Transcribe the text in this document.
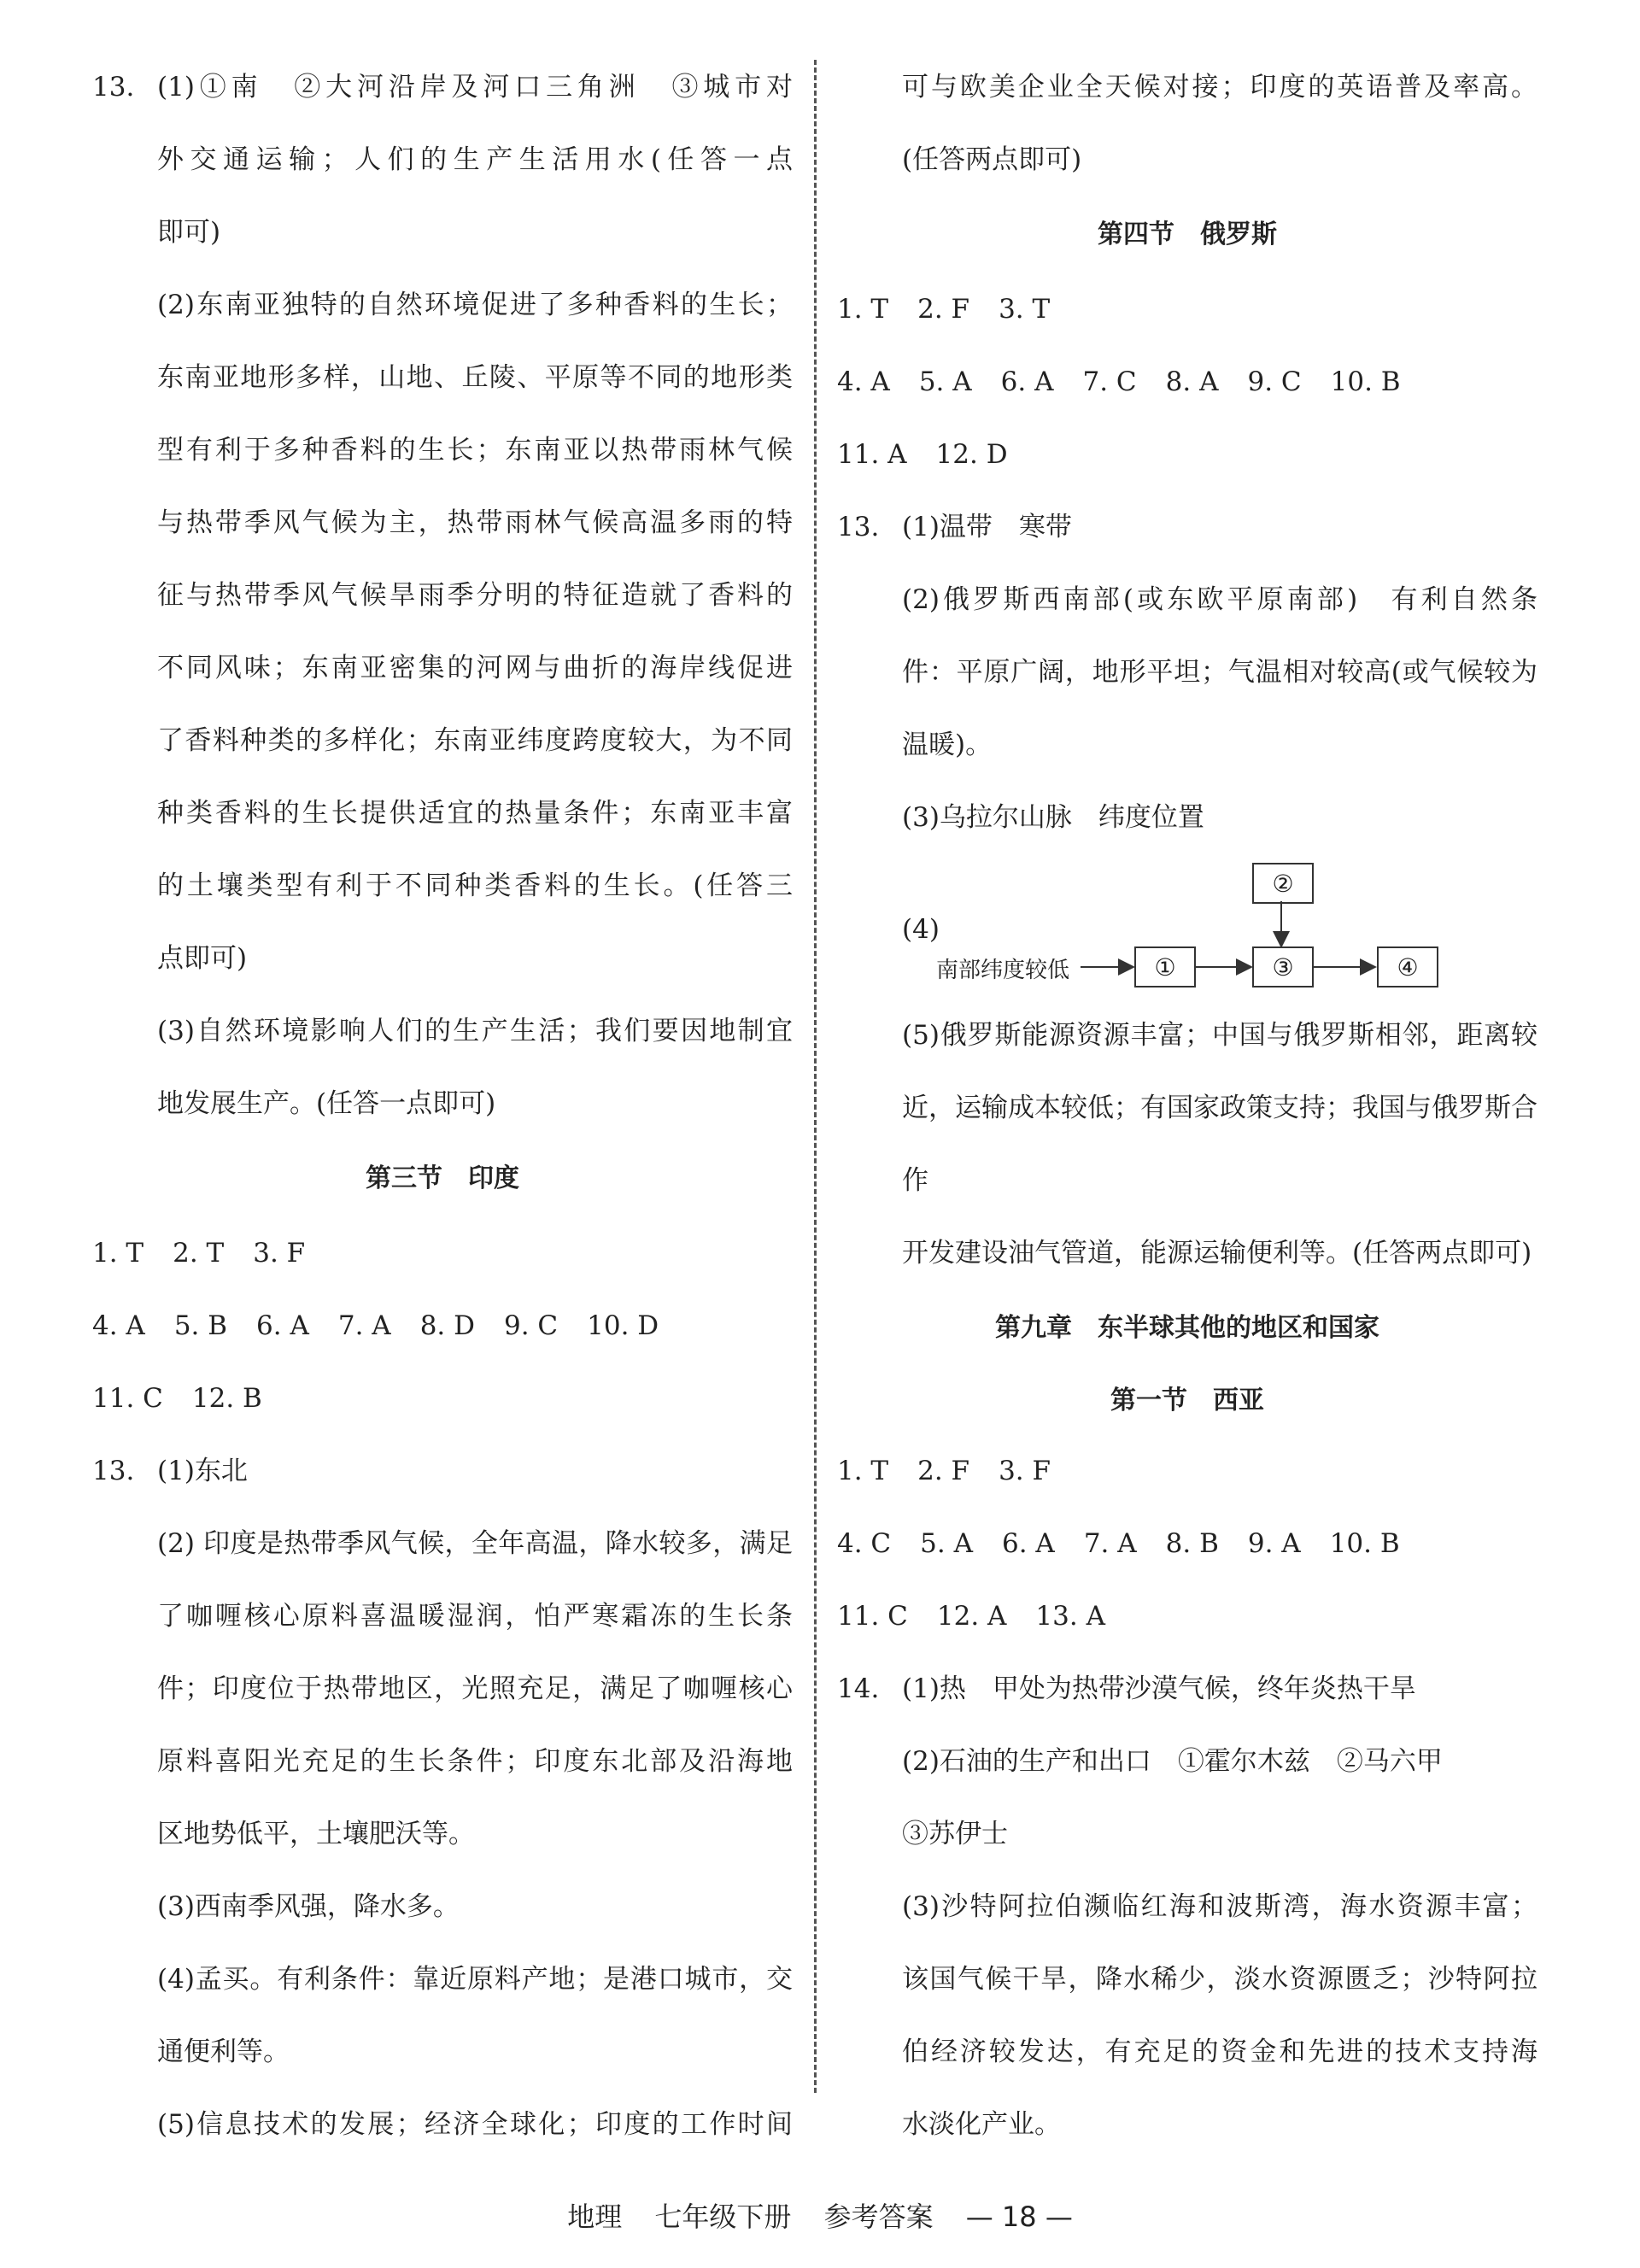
13. (1)①南　②大河沿岸及河口三角洲　③城市对
外交通运输；人们的生产生活用水(任答一点
即可)
(2)东南亚独特的自然环境促进了多种香料的生长；
东南亚地形多样，山地、丘陵、平原等不同的地形类
型有利于多种香料的生长；东南亚以热带雨林气候
与热带季风气候为主，热带雨林气候高温多雨的特
征与热带季风气候旱雨季分明的特征造就了香料的
不同风味；东南亚密集的河网与曲折的海岸线促进
了香料种类的多样化；东南亚纬度跨度较大，为不同
种类香料的生长提供适宜的热量条件；东南亚丰富
的土壤类型有利于不同种类香料的生长。(任答三
点即可)
(3)自然环境影响人们的生产生活；我们要因地制宜
地发展生产。(任答一点即可)
第三节　印度
1. T 2. T 3. F
4. A 5. B 6. A 7. A 8. D 9. C 10. D
11. C 12. B
13. (1)东北
(2) 印度是热带季风气候，全年高温，降水较多，满足
了咖喱核心原料喜温暖湿润，怕严寒霜冻的生长条
件；印度位于热带地区，光照充足，满足了咖喱核心
原料喜阳光充足的生长条件；印度东北部及沿海地
区地势低平，土壤肥沃等。
(3)西南季风强，降水多。
(4)孟买。有利条件：靠近原料产地；是港口城市，交
通便利等。
(5)信息技术的发展；经济全球化；印度的工作时间
可与欧美企业全天候对接；印度的英语普及率高。
(任答两点即可)
第四节　俄罗斯
1. T 2. F 3. T
4. A 5. A 6. A 7. C 8. A 9. C 10. B
11. A 12. D
13. (1)温带　寒带
(2)俄罗斯西南部(或东欧平原南部)　有利自然条
件：平原广阔，地形平坦；气温相对较高(或气候较为
温暖)。
(3)乌拉尔山脉　纬度位置
(4)
南部纬度较低	①
②
③	④
(5)俄罗斯能源资源丰富；中国与俄罗斯相邻，距离较
近，运输成本较低；有国家政策支持；我国与俄罗斯合作
开发建设油气管道，能源运输便利等。(任答两点即可)
第九章　东半球其他的地区和国家
第一节　西亚
1. T 2. F 3. F
4. C 5. A 6. A 7. A 8. B 9. A 10. B
11. C 12. A 13. A
14. (1)热　甲处为热带沙漠气候，终年炎热干旱
(2)石油的生产和出口　①霍尔木兹　②马六甲
③苏伊士
(3)沙特阿拉伯濒临红海和波斯湾，海水资源丰富；
该国气候干旱，降水稀少，淡水资源匮乏；沙特阿拉
伯经济较发达，有充足的资金和先进的技术支持海
水淡化产业。
地理 七年级下册 参考答案 — 18 —
